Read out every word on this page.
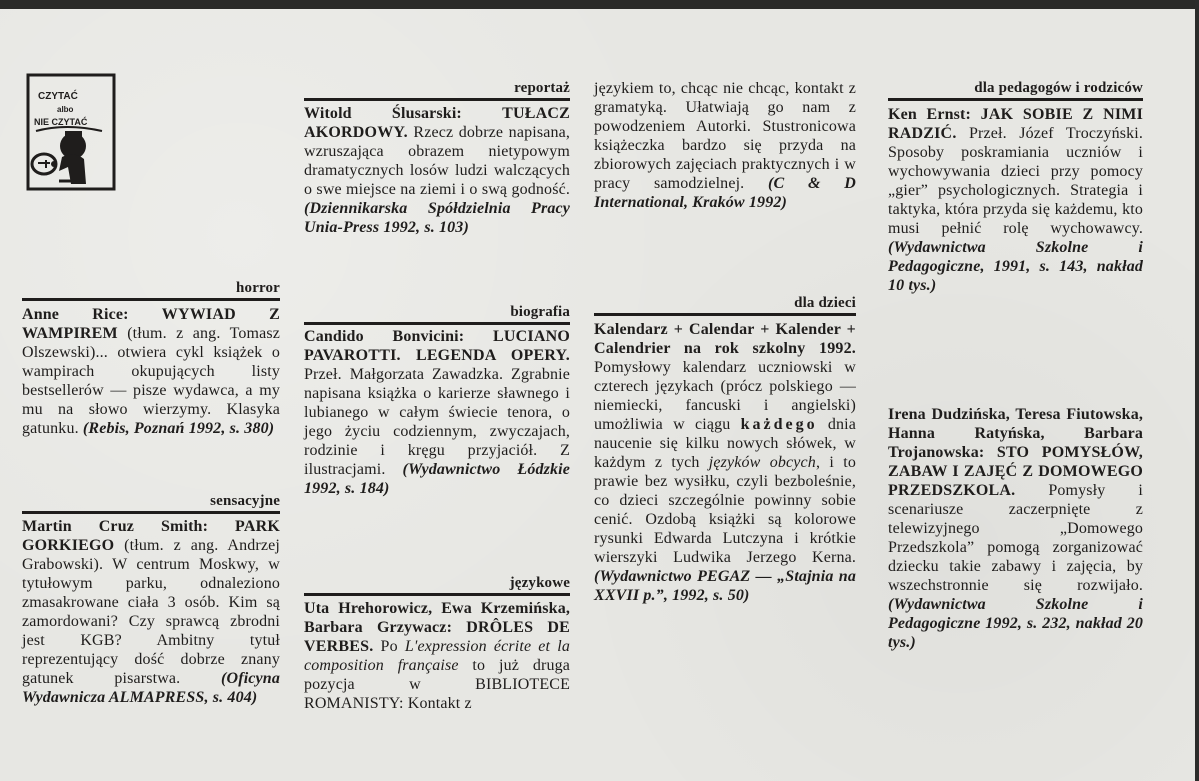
CZYTAĆ
albo
NIE CZYTAĆ
horror
Anne Rice: WYWIAD Z WAMPIREM (tłum. z ang. Tomasz Olszewski)... otwiera cykl książek o wampirach okupujących listy bestsellerów — pisze wydawca, a my mu na słowo wierzymy. Klasyka gatunku. (Rebis, Poznań 1992, s. 380)
sensacyjne
Martin Cruz Smith: PARK GORKIEGO (tłum. z ang. Andrzej Grabowski). W centrum Moskwy, w tytułowym parku, odnaleziono zmasakrowane ciała 3 osób. Kim są zamordowani? Czy sprawcą zbrodni jest KGB? Ambitny tytuł reprezentujący dość dobrze znany gatunek pisarstwa.	(Oficyna Wydawnicza ALMAPRESS, s. 404)
reportaż
Witold Ślusarski:	TUŁACZ AKORDOWY. Rzecz dobrze napisana, wzruszająca obrazem nietypowym dramatycznych losów ludzi walczących o swe miejsce na ziemi i o swą godność. (Dziennikarska Spółdzielnia Pracy Unia-Press 1992, s. 103)
biografia
Candido Bonvicini: LUCIANO PAVAROTTI. LEGENDA OPERY. Przeł. Małgorzata Zawadzka. Zgrabnie napisana książka o karierze sławnego i lubianego w całym świecie tenora, o jego życiu codziennym, zwyczajach, rodzinie i kręgu przyjaciół. Z ilustracjami. (Wydawnictwo Łódzkie 1992, s. 184)
językowe
Uta Hrehorowicz, Ewa Krzemińska, Barbara Grzywacz: DRÔLES DE VERBES. Po L'expression écrite et la composition française to już druga pozycja w BIBLIOTECE ROMANISTY: Kontakt z
językiem to, chcąc nie chcąc, kontakt z gramatyką. Ułatwiają go nam z powodzeniem Autorki. Stustronicowa książeczka bardzo się przyda na zbiorowych zajęciach praktycznych i w pracy samodzielnej. (C & D International, Kraków 1992)
dla dzieci
Kalendarz + Calendar + Kalender + Calendrier na rok szkolny 1992. Pomysłowy kalendarz uczniowski w czterech językach (prócz polskiego — niemiecki, fancuski i angielski) umożliwia w ciągu każdego dnia naucenie się kilku nowych słówek, w każdym z tych języków obcych, i to prawie bez wysiłku, czyli bezboleśnie, co dzieci szczególnie powinny sobie cenić. Ozdobą książki są kolorowe rysunki Edwarda Lutczyna i krótkie wierszyki Ludwika Jerzego Kerna. (Wydawnictwo PEGAZ — „Stajnia na XXVII p.”, 1992, s. 50)
dla pedagogów i rodziców
Ken Ernst: JAK SOBIE Z NIMI RADZIĆ. Przeł. Józef Troczyński. Sposoby poskramiania uczniów i wychowywania dzieci przy pomocy „gier” psychologicznych. Strategia i taktyka, która przyda się każdemu, kto musi pełnić rolę wychowawcy. (Wydawnictwa Szkolne i Pedagogiczne, 1991, s. 143, nakład 10 tys.)
Irena Dudzińska, Teresa Fiutowska, Hanna Ratyńska, Barbara Trojanowska: STO POMYSŁÓW, ZABAW I ZAJĘĆ Z DOMOWEGO PRZEDSZKOLA. Pomysły i scenariusze zaczerpnięte z telewizyjnego „Domowego Przedszkola” pomogą zorganizować dziecku takie zabawy i zajęcia, by wszechstronnie się rozwijało. (Wydawnictwa Szkolne i Pedagogiczne 1992, s. 232, nakład 20 tys.)
